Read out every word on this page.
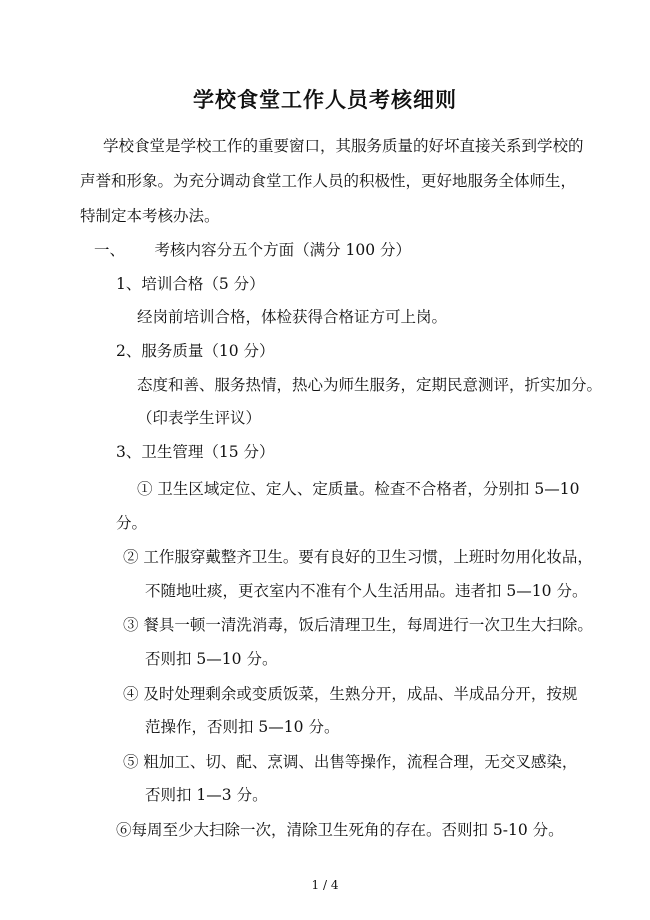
学校食堂工作人员考核细则
学校食堂是学校工作的重要窗口，其服务质量的好坏直接关系到学校的
声誉和形象。为充分调动食堂工作人员的积极性，更好地服务全体师生，
特制定本考核办法。
一、      考核内容分五个方面（满分 100 分）
1、培训合格（5 分）
经岗前培训合格，体检获得合格证方可上岗。
2、服务质量（10 分）
态度和善、服务热情，热心为师生服务，定期民意测评，折实加分。
（印表学生评议）
3、卫生管理（15 分）
① 卫生区域定位、定人、定质量。检查不合格者，分别扣 5—10
分。
② 工作服穿戴整齐卫生。要有良好的卫生习惯，上班时勿用化妆品，
不随地吐痰，更衣室内不准有个人生活用品。违者扣 5—10 分。
③ 餐具一顿一清洗消毒，饭后清理卫生，每周进行一次卫生大扫除。
否则扣 5—10 分。
④ 及时处理剩余或变质饭菜，生熟分开，成品、半成品分开，按规
范操作，否则扣 5—10 分。
⑤ 粗加工、切、配、烹调、出售等操作，流程合理，无交叉感染，
否则扣 1—3 分。
⑥每周至少大扫除一次，清除卫生死角的存在。否则扣 5-10 分。
1 / 4
